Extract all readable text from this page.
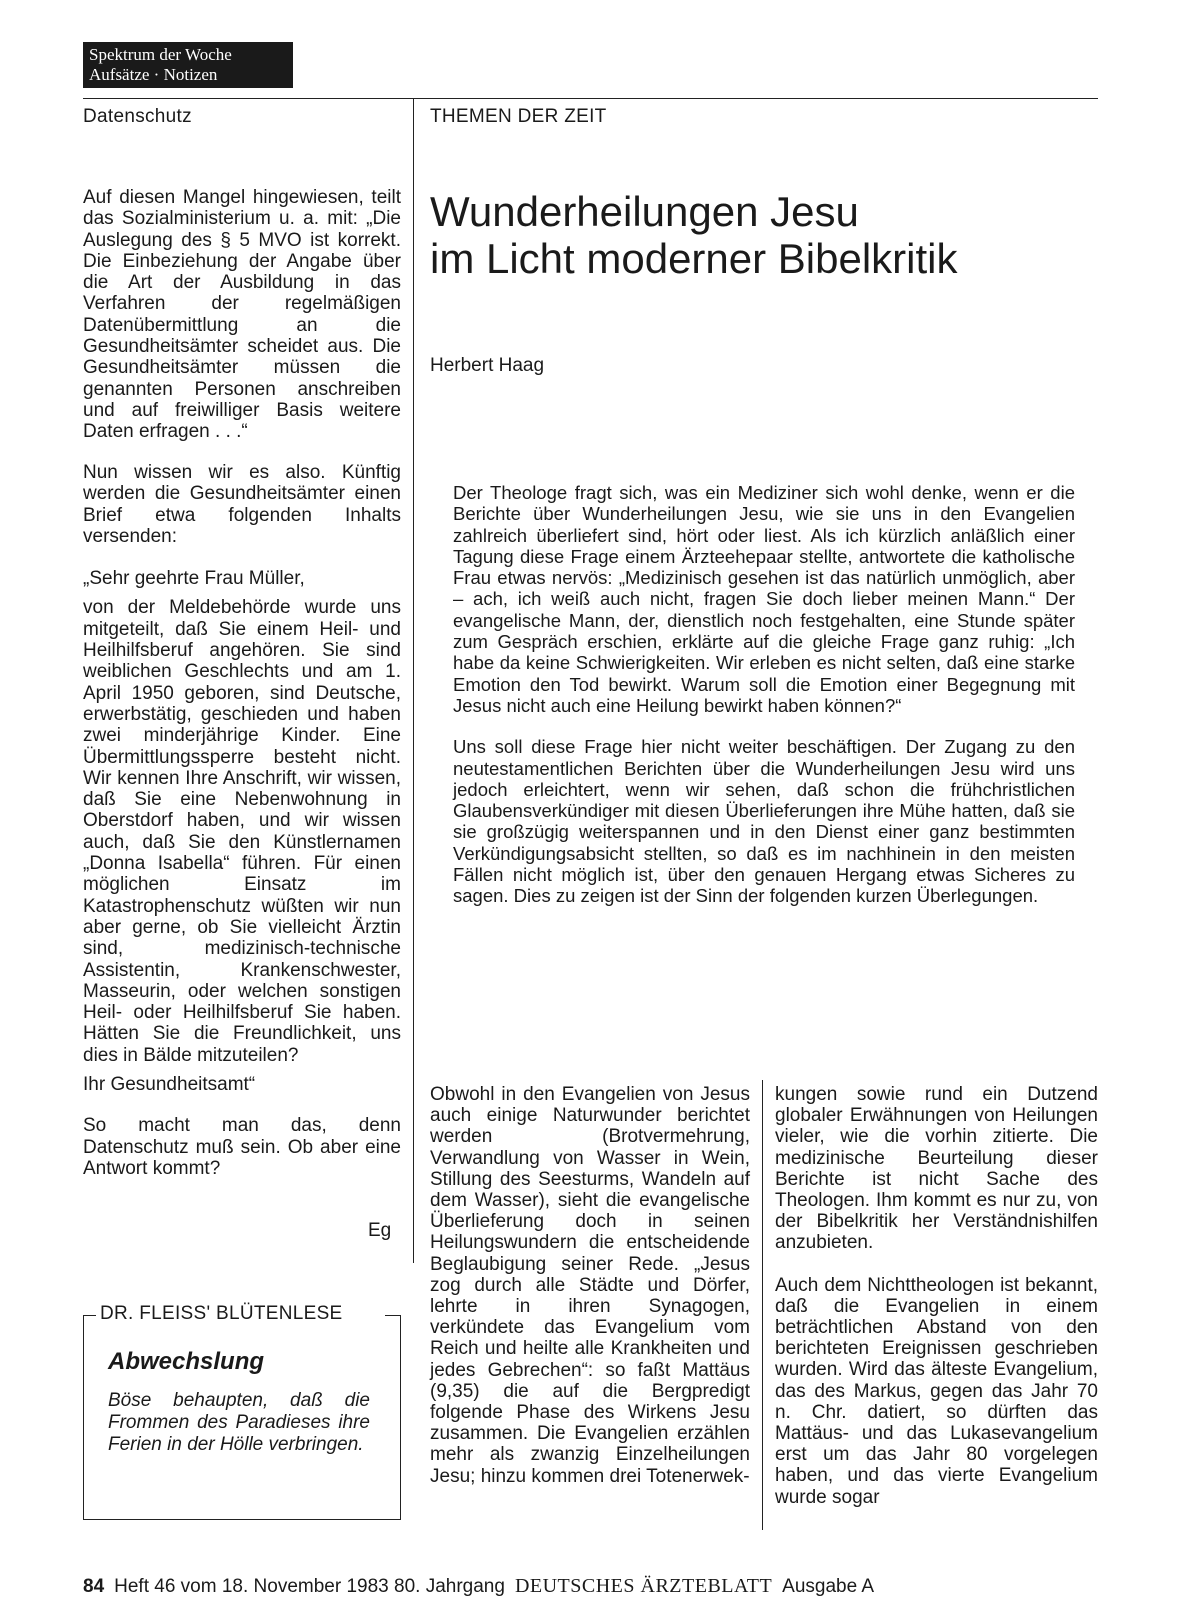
Spektrum der Woche
Aufsätze · Notizen
Datenschutz

Auf diesen Mangel hingewiesen, teilt das Sozialministerium u. a. mit: „Die Auslegung des § 5 MVO ist korrekt. Die Einbeziehung der Angabe über die Art der Ausbildung in das Verfahren der regelmäßigen Datenübermittlung an die Gesundheitsämter scheidet aus. Die Gesundheitsämter müssen die genannten Personen anschreiben und auf freiwilliger Basis weitere Daten erfragen . . .“

Nun wissen wir es also. Künftig werden die Gesundheitsämter einen Brief etwa folgenden Inhalts versenden:

„Sehr geehrte Frau Müller,

von der Meldebehörde wurde uns mitgeteilt, daß Sie einem Heil- und Heilhilfsberuf angehören. Sie sind weiblichen Geschlechts und am 1. April 1950 geboren, sind Deutsche, erwerbstätig, geschieden und haben zwei minderjährige Kinder. Eine Übermittlungssperre besteht nicht. Wir kennen Ihre Anschrift, wir wissen, daß Sie eine Nebenwohnung in Oberstdorf haben, und wir wissen auch, daß Sie den Künstlernamen „Donna Isabella“ führen. Für einen möglichen Einsatz im Katastrophenschutz wüßten wir nun aber gerne, ob Sie vielleicht Ärztin sind, medizinisch-technische Assistentin, Krankenschwester, Masseurin, oder welchen sonstigen Heil- oder Heilhilfsberuf Sie haben. Hätten Sie die Freundlichkeit, uns dies in Bälde mitzuteilen?

Ihr Gesundheitsamt“

So macht man das, denn Datenschutz muß sein. Ob aber eine Antwort kommt?

Eg
DR. FLEISS' BLÜTENLESE
Abwechslung
Böse behaupten, daß die Frommen des Paradieses ihre Ferien in der Hölle verbringen.
THEMEN DER ZEIT
Wunderheilungen Jesu
im Licht moderner Bibelkritik
Herbert Haag

Der Theologe fragt sich, was ein Mediziner sich wohl denke, wenn er die Berichte über Wunderheilungen Jesu, wie sie uns in den Evangelien zahlreich überliefert sind, hört oder liest. Als ich kürzlich anläßlich einer Tagung diese Frage einem Ärzteehepaar stellte, antwortete die katholische Frau etwas nervös: „Medizinisch gesehen ist das natürlich unmöglich, aber – ach, ich weiß auch nicht, fragen Sie doch lieber meinen Mann.“ Der evangelische Mann, der, dienstlich noch festgehalten, eine Stunde später zum Gespräch erschien, erklärte auf die gleiche Frage ganz ruhig: „Ich habe da keine Schwierigkeiten. Wir erleben es nicht selten, daß eine starke Emotion den Tod bewirkt. Warum soll die Emotion einer Begegnung mit Jesus nicht auch eine Heilung bewirkt haben können?“

Uns soll diese Frage hier nicht weiter beschäftigen. Der Zugang zu den neutestamentlichen Berichten über die Wunderheilungen Jesu wird uns jedoch erleichtert, wenn wir sehen, daß schon die frühchristlichen Glaubensverkündiger mit diesen Überlieferungen ihre Mühe hatten, daß sie sie großzügig weiterspannen und in den Dienst einer ganz bestimmten Verkündigungsabsicht stellten, so daß es im nachhinein in den meisten Fällen nicht möglich ist, über den genauen Hergang etwas Sicheres zu sagen. Dies zu zeigen ist der Sinn der folgenden kurzen Überlegungen.

Obwohl in den Evangelien von Jesus auch einige Naturwunder berichtet werden (Brotvermehrung, Verwandlung von Wasser in Wein, Stillung des Seesturms, Wandeln auf dem Wasser), sieht die evangelische Überlieferung doch in seinen Heilungswundern die entscheidende Beglaubigung seiner Rede. „Jesus zog durch alle Städte und Dörfer, lehrte in ihren Synagogen, verkündete das Evangelium vom Reich und heilte alle Krankheiten und jedes Gebrechen“: so faßt Mattäus (9,35) die auf die Bergpredigt folgende Phase des Wirkens Jesu zusammen. Die Evangelien erzählen mehr als zwanzig Einzelheilungen Jesu; hinzu kommen drei Totenerwek-

kungen sowie rund ein Dutzend globaler Erwähnungen von Heilungen vieler, wie die vorhin zitierte. Die medizinische Beurteilung dieser Berichte ist nicht Sache des Theologen. Ihm kommt es nur zu, von der Bibelkritik her Verständnishilfen anzubieten.

Auch dem Nichttheologen ist bekannt, daß die Evangelien in einem beträchtlichen Abstand von den berichteten Ereignissen geschrieben wurden. Wird das älteste Evangelium, das des Markus, gegen das Jahr 70 n. Chr. datiert, so dürften das Mattäus- und das Lukasevangelium erst um das Jahr 80 vorgelegen haben, und das vierte Evangelium wurde sogar

84 Heft 46 vom 18. November 1983 80. Jahrgang DEUTSCHES ÄRZTEBLATT Ausgabe A
